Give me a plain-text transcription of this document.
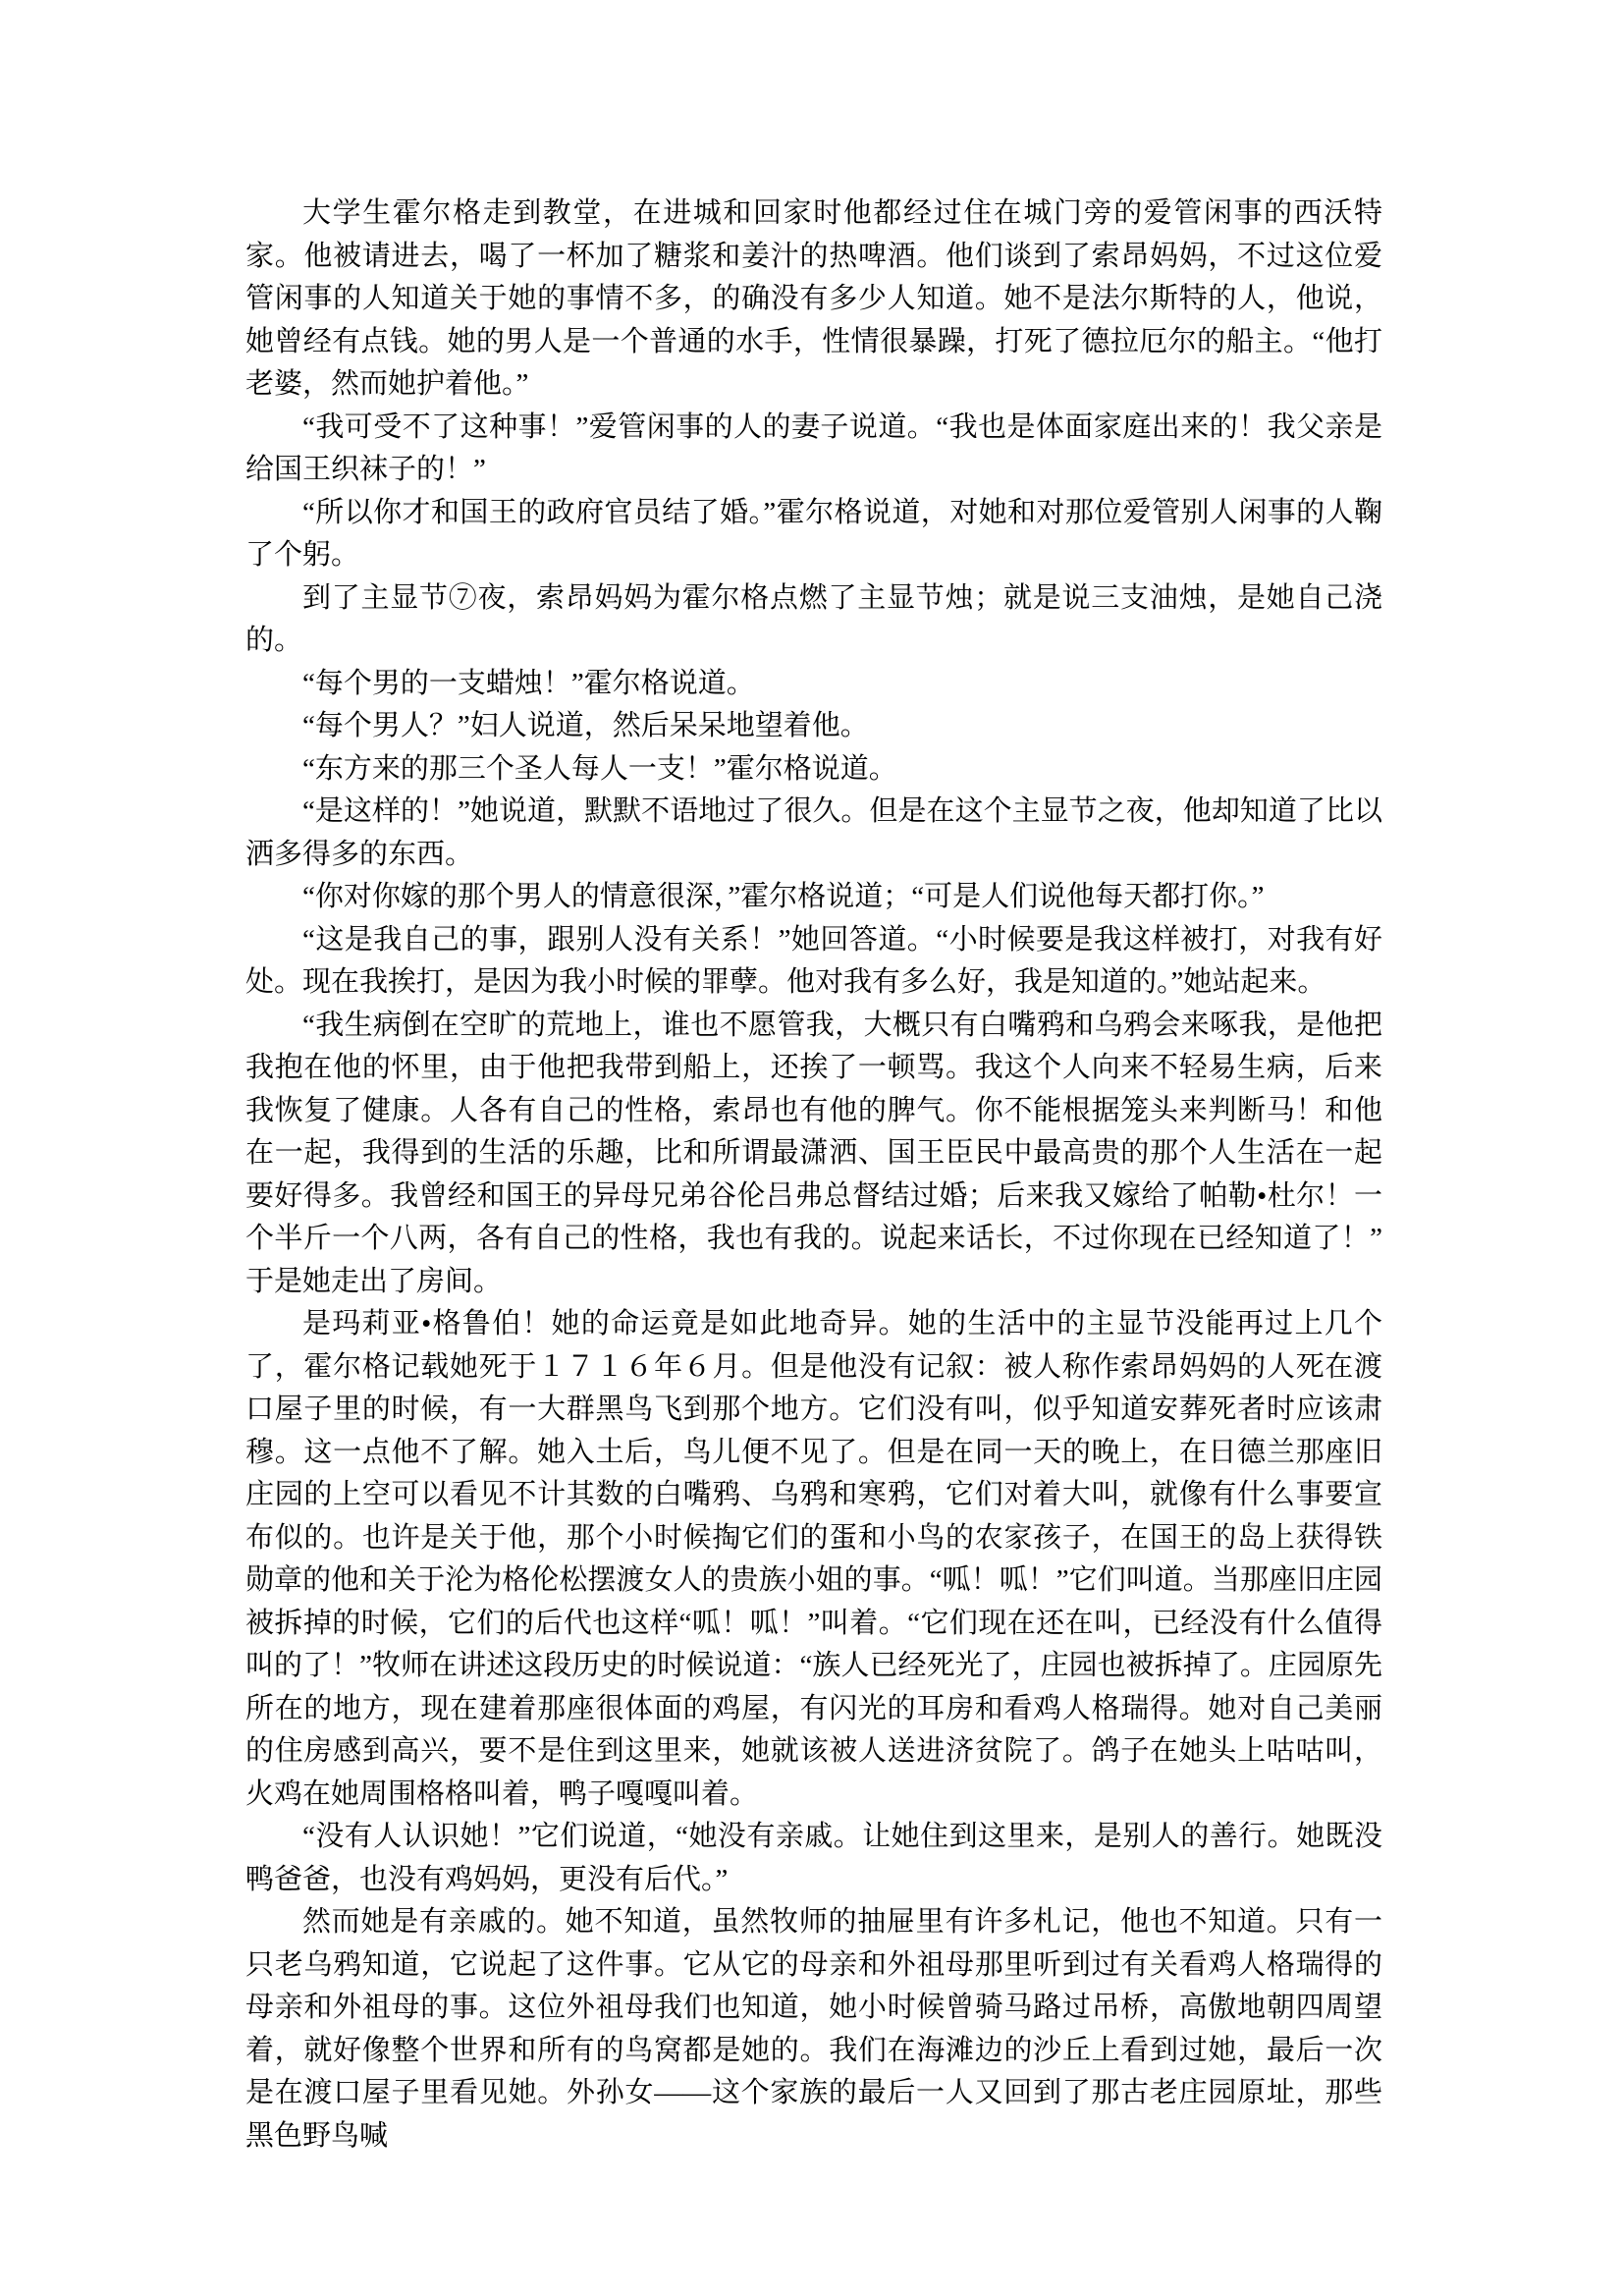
大学生霍尔格走到教堂，在进城和回家时他都经过住在城门旁的爱管闲事的西沃特家。他被请进去，喝了一杯加了糖浆和姜汁的热啤酒。他们谈到了索昂妈妈，不过这位爱管闲事的人知道关于她的事情不多，的确没有多少人知道。她不是法尔斯特的人，他说，她曾经有点钱。她的男人是一个普通的水手，性情很暴躁，打死了德拉厄尔的船主。“他打老婆，然而她护着他。”

“我可受不了这种事！”爱管闲事的人的妻子说道。“我也是体面家庭出来的！我父亲是给国王织袜子的！”

“所以你才和国王的政府官员结了婚。”霍尔格说道，对她和对那位爱管别人闲事的人鞠了个躬。

到了主显节⑦夜，索昂妈妈为霍尔格点燃了主显节烛；就是说三支油烛，是她自己浇的。

“每个男的一支蜡烛！”霍尔格说道。

“每个男人？”妇人说道，然后呆呆地望着他。

“东方来的那三个圣人每人一支！”霍尔格说道。

“是这样的！”她说道，默默不语地过了很久。但是在这个主显节之夜，他却知道了比以洒多得多的东西。

“你对你嫁的那个男人的情意很深，”霍尔格说道；“可是人们说他每天都打你。”

“这是我自己的事，跟别人没有关系！”她回答道。“小时候要是我这样被打，对我有好处。现在我挨打，是因为我小时候的罪孽。他对我有多么好，我是知道的。”她站起来。

“我生病倒在空旷的荒地上，谁也不愿管我，大概只有白嘴鸦和乌鸦会来啄我，是他把我抱在他的怀里，由于他把我带到船上，还挨了一顿骂。我这个人向来不轻易生病，后来我恢复了健康。人各有自己的性格，索昂也有他的脾气。你不能根据笼头来判断马！和他在一起，我得到的生活的乐趣，比和所谓最潇洒、国王臣民中最高贵的那个人生活在一起要好得多。我曾经和国王的异母兄弟谷伦吕弗总督结过婚；后来我又嫁给了帕勒•杜尔！一个半斤一个八两，各有自己的性格，我也有我的。说起来话长，不过你现在已经知道了！”于是她走出了房间。

是玛莉亚•格鲁伯！她的命运竟是如此地奇异。她的生活中的主显节没能再过上几个了，霍尔格记载她死于１７１６年６月。但是他没有记叙：被人称作索昂妈妈的人死在渡口屋子里的时候，有一大群黑鸟飞到那个地方。它们没有叫，似乎知道安葬死者时应该肃穆。这一点他不了解。她入土后，鸟儿便不见了。但是在同一天的晚上，在日德兰那座旧庄园的上空可以看见不计其数的白嘴鸦、乌鸦和寒鸦，它们对着大叫，就像有什么事要宣布似的。也许是关于他，那个小时候掏它们的蛋和小鸟的农家孩子，在国王的岛上获得铁勋章的他和关于沦为格伦松摆渡女人的贵族小姐的事。“呱！呱！”它们叫道。当那座旧庄园被拆掉的时候，它们的后代也这样“呱！呱！”叫着。“它们现在还在叫，已经没有什么值得叫的了！”牧师在讲述这段历史的时候说道：“族人已经死光了，庄园也被拆掉了。庄园原先所在的地方，现在建着那座很体面的鸡屋，有闪光的耳房和看鸡人格瑞得。她对自己美丽的住房感到高兴，要不是住到这里来，她就该被人送进济贫院了。鸽子在她头上咕咕叫，火鸡在她周围格格叫着，鸭子嘎嘎叫着。

“没有人认识她！”它们说道，“她没有亲戚。让她住到这里来，是别人的善行。她既没鸭爸爸，也没有鸡妈妈，更没有后代。”

然而她是有亲戚的。她不知道，虽然牧师的抽屉里有许多札记，他也不知道。只有一只老乌鸦知道，它说起了这件事。它从它的母亲和外祖母那里听到过有关看鸡人格瑞得的母亲和外祖母的事。这位外祖母我们也知道，她小时候曾骑马路过吊桥，高傲地朝四周望着，就好像整个世界和所有的鸟窝都是她的。我们在海滩边的沙丘上看到过她，最后一次是在渡口屋子里看见她。外孙女——这个家族的最后一人又回到了那古老庄园原址，那些黑色野鸟喊
